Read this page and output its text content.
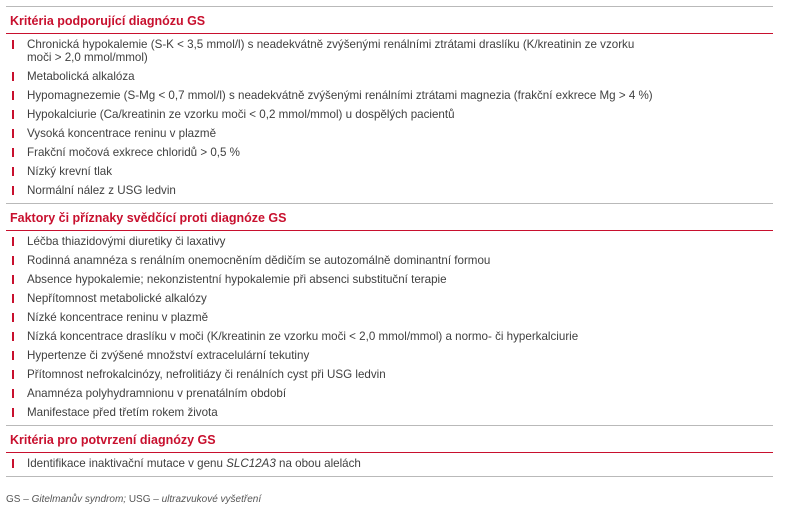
Kritéria podporující diagnózu GS
Chronická hypokalemie (S-K < 3,5 mmol/l) s neadekvátně zvýšenými renálními ztrátami draslíku (K/kreatinin ze vzorku
moči > 2,0 mmol/mmol)
Metabolická alkalóza
Hypomagnezemie (S-Mg < 0,7 mmol/l) s neadekvátně zvýšenými renálními ztrátami magnezia (frakční exkrece Mg > 4 %)
Hypokalciurie (Ca/kreatinin ze vzorku moči < 0,2 mmol/mmol) u dospělých pacientů
Vysoká koncentrace reninu v plazmě
Frakční močová exkrece chloridů > 0,5 %
Nízký krevní tlak
Normální nález z USG ledvin
Faktory či příznaky svědčící proti diagnóze GS
Léčba thiazidovými diuretiky či laxativy
Rodinná anamnéza s renálním onemocněním dědičím se autozomálně dominantní formou
Absence hypokalemie; nekonzistentní hypokalemie při absenci substituční terapie
Nepřítomnost metabolické alkalózy
Nízké koncentrace reninu v plazmě
Nízká koncentrace draslíku v moči (K/kreatinin ze vzorku moči < 2,0 mmol/mmol) a normo- či hyperkalciurie
Hypertenze či zvýšené množství extracelulární tekutiny
Přítomnost nefrokalcinózy, nefrolitiázy či renálních cyst při USG ledvin
Anamnéza polyhydramnionu v prenatálním období
Manifestace před třetím rokem života
Kritéria pro potvrzení diagnózy GS
Identifikace inaktivační mutace v genu SLC12A3 na obou alelách
GS – Gitelmanův syndrom; USG – ultrazvukové vyšetření
